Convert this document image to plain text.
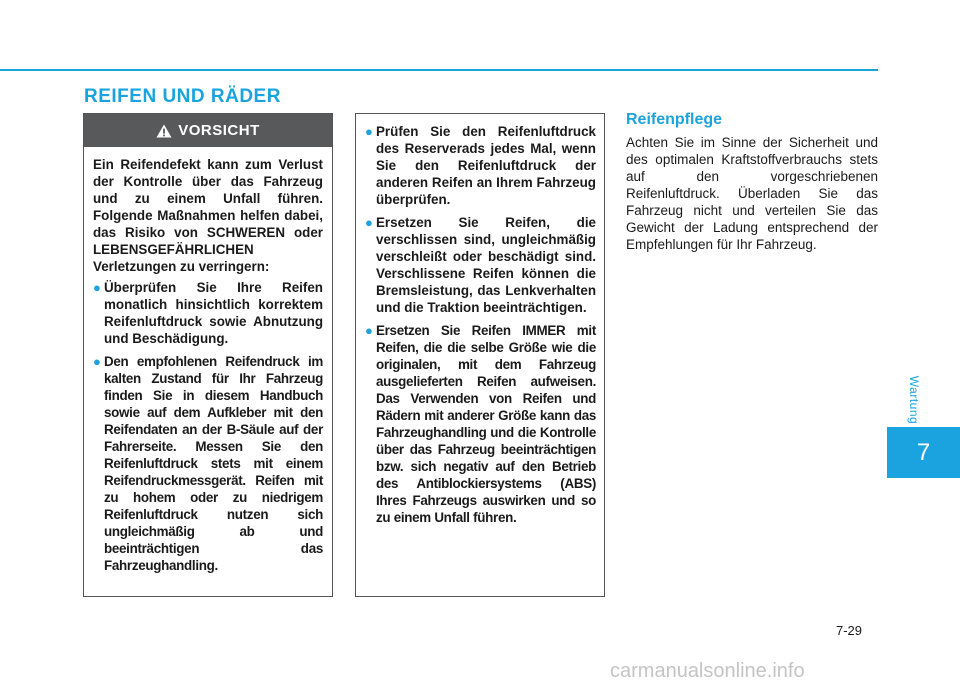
REIFEN UND RÄDER
Wartung
7
VORSICHT

Ein Reifendefekt kann zum Verlust der Kontrolle über das Fahrzeug und zu einem Unfall führen. Folgende Maßnahmen helfen dabei, das Risiko von SCHWEREN oder LEBENSGEFÄHRLICHEN Verletzungen zu verringern:

● Überprüfen Sie Ihre Reifen monatlich hinsichtlich korrektem Reifenluftdruck sowie Abnutzung und Beschädigung.
● Den empfohlenen Reifendruck im kalten Zustand für Ihr Fahrzeug finden Sie in diesem Handbuch sowie auf dem Aufkleber mit den Reifendaten an der B-Säule auf der Fahrerseite. Messen Sie den Reifenluftdruck stets mit einem Reifendruckmessgerät. Reifen mit zu hohem oder zu niedrigem Reifenluftdruck nutzen sich ungleichmäßig ab und beeinträchtigen das Fahrzeughandling.
● Prüfen Sie den Reifenluftdruck des Reserverads jedes Mal, wenn Sie den Reifenluftdruck der anderen Reifen an Ihrem Fahrzeug überprüfen.
● Ersetzen Sie Reifen, die verschlissen sind, ungleichmäßig verschleißt oder beschädigt sind. Verschlissene Reifen können die Bremsleistung, das Lenkverhalten und die Traktion beeinträchtigen.
● Ersetzen Sie Reifen IMMER mit Reifen, die die selbe Größe wie die originalen, mit dem Fahrzeug ausgelieferten Reifen aufweisen. Das Verwenden von Reifen und Rädern mit anderer Größe kann das Fahrzeughandling und die Kontrolle über das Fahrzeug beeinträchtigen bzw. sich negativ auf den Betrieb des Antiblockiersystems (ABS) Ihres Fahrzeugs auswirken und so zu einem Unfall führen.
Reifenpflege

Achten Sie im Sinne der Sicherheit und des optimalen Kraftstoffverbrauchs stets auf den vorgeschriebenen Reifenluftdruck. Überladen Sie das Fahrzeug nicht und verteilen Sie das Gewicht der Ladung entsprechend der Empfehlungen für Ihr Fahrzeug.

7-29
carmanualsonline.info
